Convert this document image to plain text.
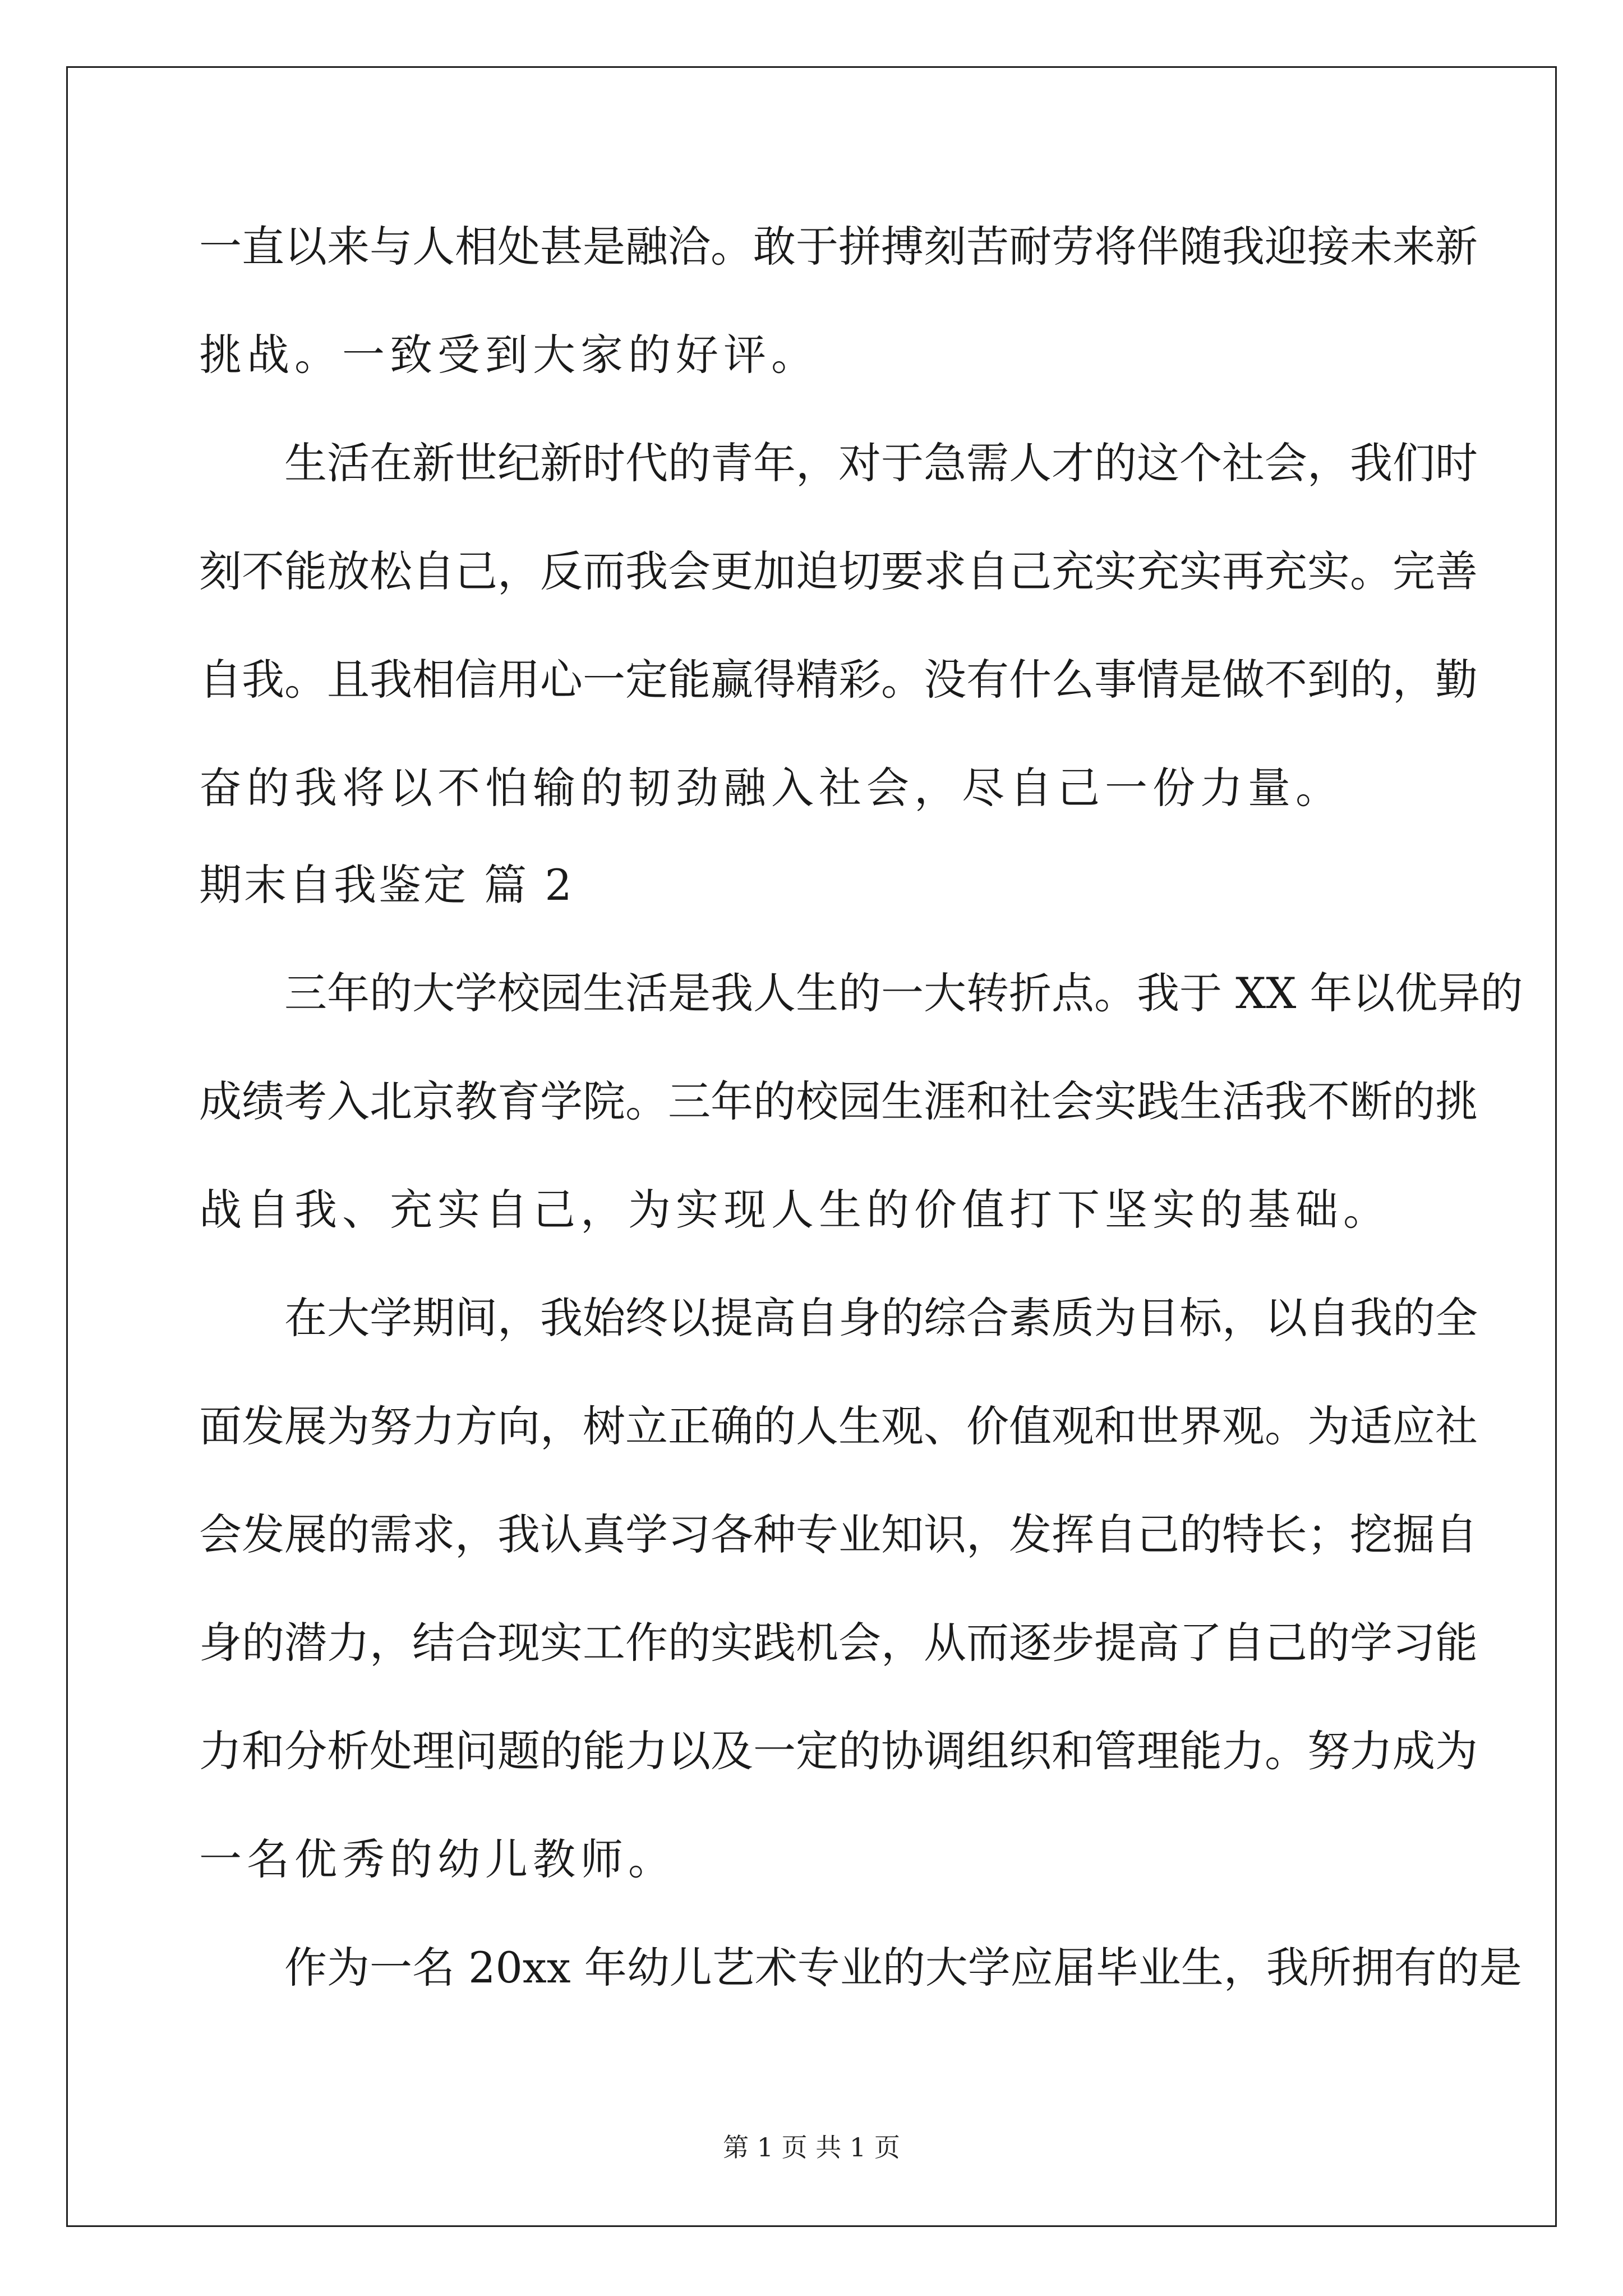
一直以来与人相处甚是融洽。敢于拼搏刻苦耐劳将伴随我迎接未来新
挑战。一致受到大家的好评。
生活在新世纪新时代的青年，对于急需人才的这个社会，我们时
刻不能放松自己，反而我会更加迫切要求自己充实充实再充实。完善
自我。且我相信用心一定能赢得精彩。没有什么事情是做不到的，勤
奋的我将以不怕输的韧劲融入社会，尽自己一份力量。
期末自我鉴定 篇 2
三年的大学校园生活是我人生的一大转折点。我于 XX 年以优异的
成绩考入北京教育学院。三年的校园生涯和社会实践生活我不断的挑
战自我、充实自己，为实现人生的价值打下坚实的基础。
在大学期间，我始终以提高自身的综合素质为目标，以自我的全
面发展为努力方向，树立正确的人生观、价值观和世界观。为适应社
会发展的需求，我认真学习各种专业知识，发挥自己的特长；挖掘自
身的潜力，结合现实工作的实践机会，从而逐步提高了自己的学习能
力和分析处理问题的能力以及一定的协调组织和管理能力。努力成为
一名优秀的幼儿教师。
作为一名 20xx 年幼儿艺术专业的大学应届毕业生，我所拥有的是
第 1 页 共 1 页
